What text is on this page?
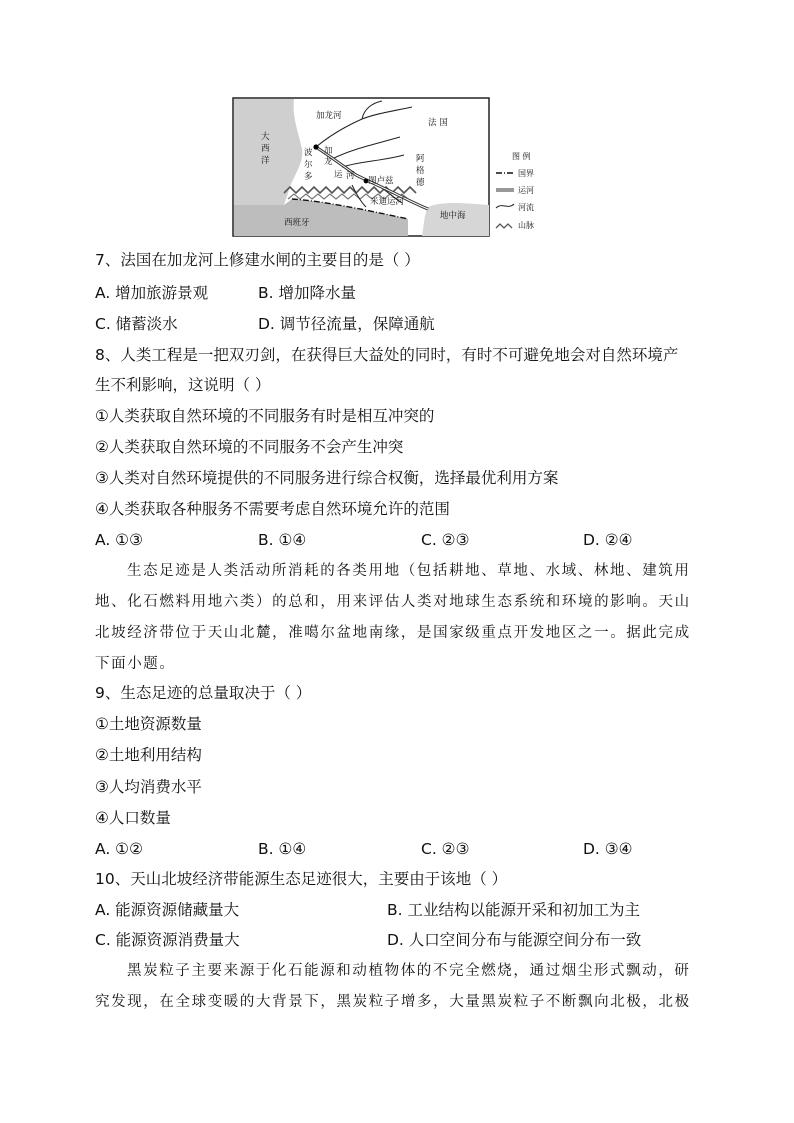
大
西
洋
加龙河
法 国
波
尔
多
加
龙
运 河 图卢兹
阿
格
德
米迪运河
西班牙
地中海
图 例
国界
运河
河流
山脉
7、法国在加龙河上修建水闸的主要目的是（ ）
A. 增加旅游景观	B. 增加降水量
C. 储蓄淡水	D. 调节径流量，保障通航
8、人类工程是一把双刃剑，在获得巨大益处的同时，有时不可避免地会对自然环境产
生不利影响，这说明（ ）
①人类获取自然环境的不同服务有时是相互冲突的
②人类获取自然环境的不同服务不会产生冲突
③人类对自然环境提供的不同服务进行综合权衡，选择最优利用方案
④人类获取各种服务不需要考虑自然环境允许的范围
A. ①③	B. ①④	C. ②③	D. ②④
生态足迹是人类活动所消耗的各类用地（包括耕地、草地、水域、林地、建筑用
地、化石燃料用地六类）的总和，用来评估人类对地球生态系统和环境的影响。天山
北坡经济带位于天山北麓，准噶尔盆地南缘，是国家级重点开发地区之一。据此完成
下面小题。
9、生态足迹的总量取决于（ ）
①土地资源数量
②土地利用结构
③人均消费水平
④人口数量
A. ①②	B. ①④	C. ②③	D. ③④
10、天山北坡经济带能源生态足迹很大，主要由于该地（ ）
A. 能源资源储藏量大	B. 工业结构以能源开采和初加工为主
C. 能源资源消费量大	D. 人口空间分布与能源空间分布一致
黑炭粒子主要来源于化石能源和动植物体的不完全燃烧，通过烟尘形式飘动，研
究发现，在全球变暖的大背景下，黑炭粒子增多，大量黑炭粒子不断飘向北极，北极
